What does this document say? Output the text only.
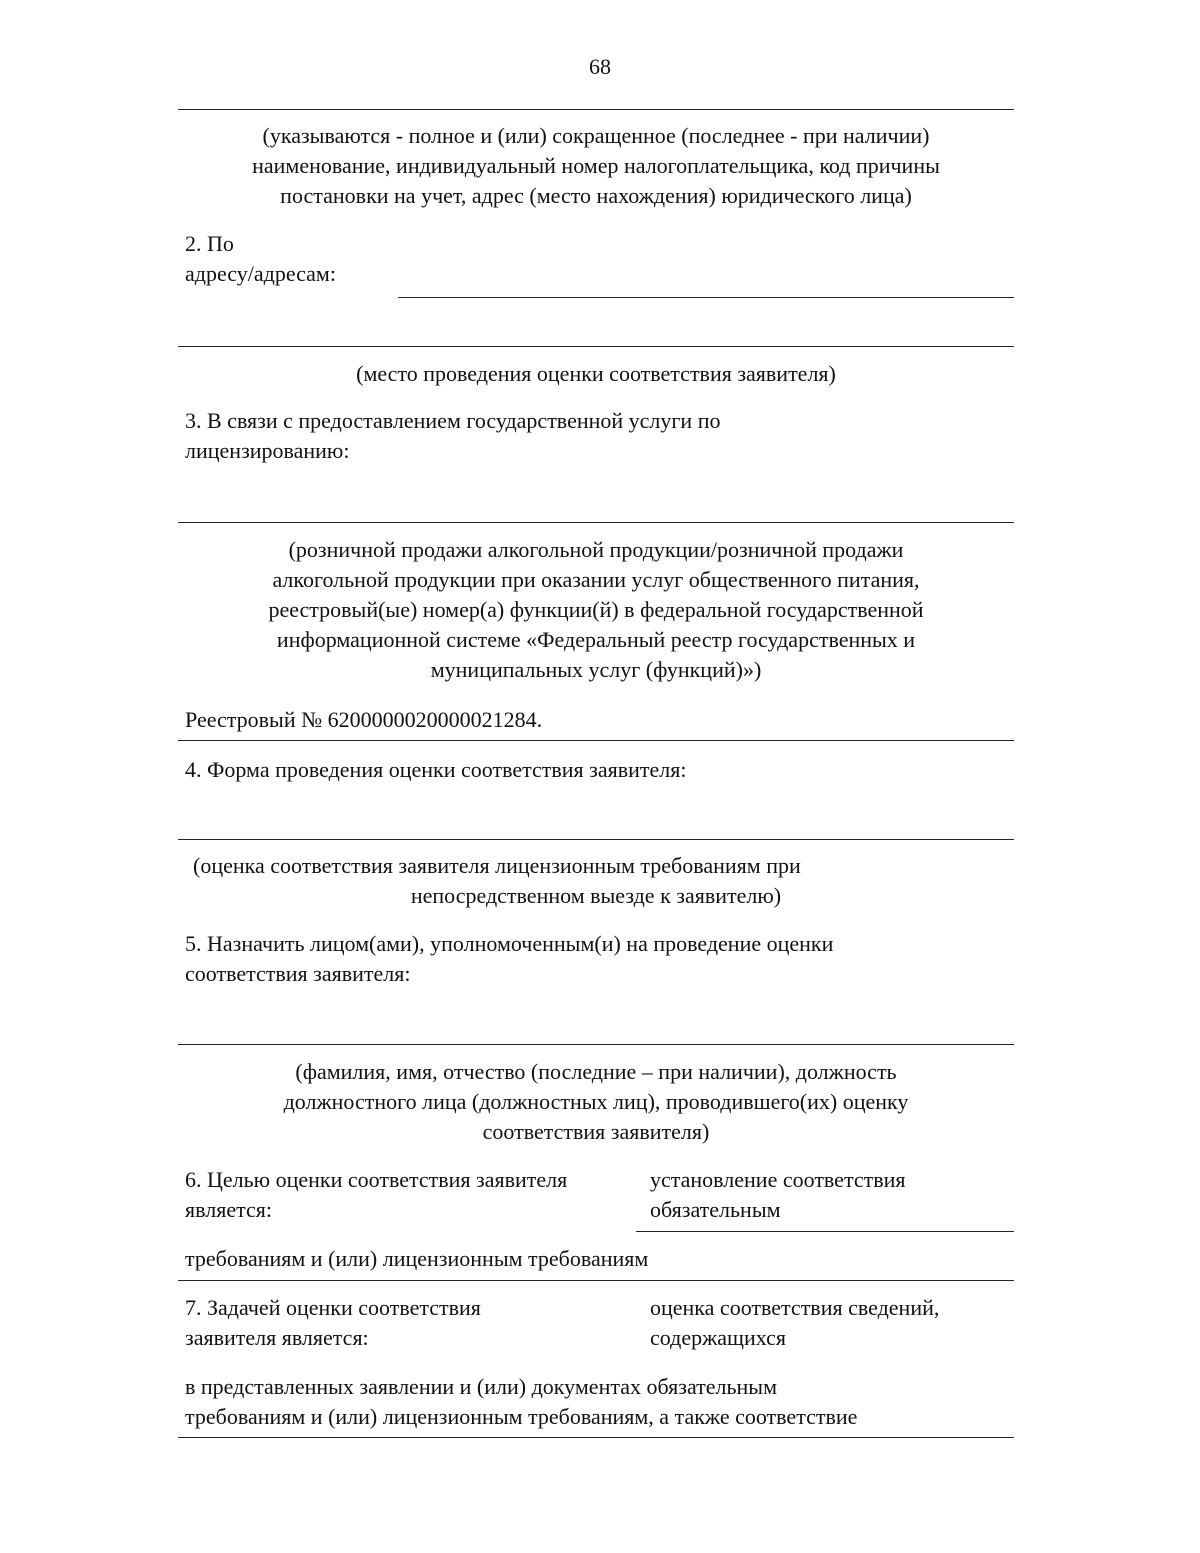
68
(указываются - полное и (или) сокращенное (последнее - при наличии)
наименование, индивидуальный номер налогоплательщика, код причины
постановки на учет, адрес (место нахождения) юридического лица)
2. По
адресу/адресам:
(место проведения оценки соответствия заявителя)
3. В связи с предоставлением государственной услуги по
лицензированию:
(розничной продажи алкогольной продукции/розничной продажи
алкогольной продукции при оказании услуг общественного питания,
реестровый(ые) номер(а) функции(й) в федеральной государственной
информационной системе «Федеральный реестр государственных и
муниципальных услуг (функций)»)
Реестровый № 6200000020000021284.
4. Форма проведения оценки соответствия заявителя:
(оценка соответствия заявителя лицензионным требованиям при
непосредственном выезде к заявителю)
5. Назначить лицом(ами), уполномоченным(и) на проведение оценки
соответствия заявителя:
(фамилия, имя, отчество (последние – при наличии), должность
должностного лица (должностных лиц), проводившего(их) оценку
соответствия заявителя)
6. Целью оценки соответствия заявителя
является:
установление соответствия
обязательным
требованиям и (или) лицензионным требованиям
7. Задачей оценки соответствия
заявителя является:
оценка соответствия сведений,
содержащихся
в представленных заявлении и (или) документах обязательным
требованиям и (или) лицензионным требованиям, а также соответствие
